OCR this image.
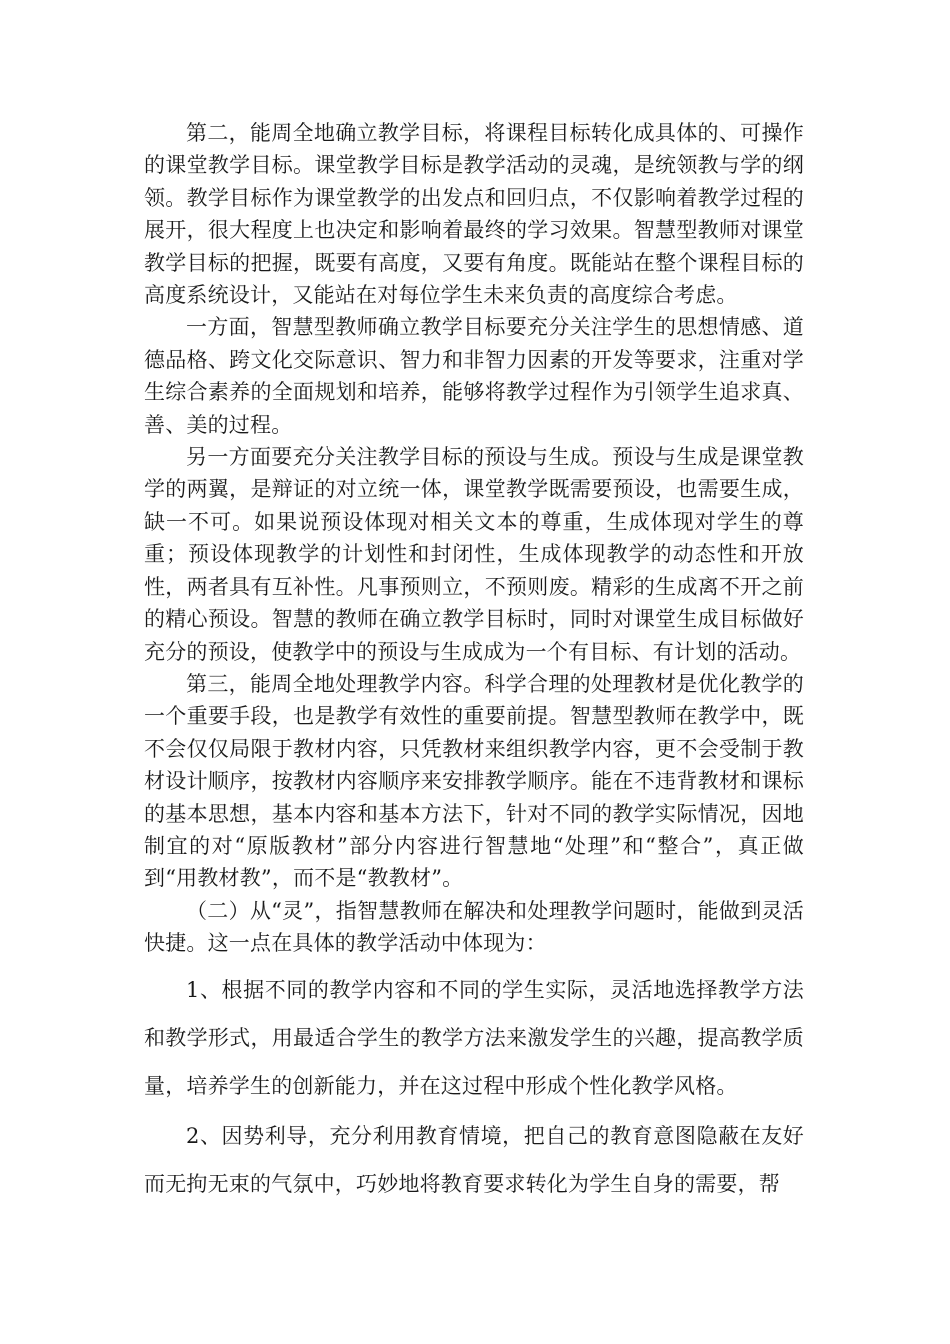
第二，能周全地确立教学目标，将课程目标转化成具体的、可操作的课堂教学目标。课堂教学目标是教学活动的灵魂，是统领教与学的纲领。教学目标作为课堂教学的出发点和回归点，不仅影响着教学过程的展开，很大程度上也决定和影响着最终的学习效果。智慧型教师对课堂教学目标的把握，既要有高度，又要有角度。既能站在整个课程目标的高度系统设计，又能站在对每位学生未来负责的高度综合考虑。

一方面，智慧型教师确立教学目标要充分关注学生的思想情感、道德品格、跨文化交际意识、智力和非智力因素的开发等要求，注重对学生综合素养的全面规划和培养，能够将教学过程作为引领学生追求真、善、美的过程。

另一方面要充分关注教学目标的预设与生成。预设与生成是课堂教学的两翼，是辩证的对立统一体，课堂教学既需要预设，也需要生成，缺一不可。如果说预设体现对相关文本的尊重，生成体现对学生的尊重；预设体现教学的计划性和封闭性，生成体现教学的动态性和开放性，两者具有互补性。凡事预则立，不预则废。精彩的生成离不开之前的精心预设。智慧的教师在确立教学目标时，同时对课堂生成目标做好充分的预设，使教学中的预设与生成成为一个有目标、有计划的活动。

第三，能周全地处理教学内容。科学合理的处理教材是优化教学的一个重要手段，也是教学有效性的重要前提。智慧型教师在教学中，既不会仅仅局限于教材内容，只凭教材来组织教学内容，更不会受制于教材设计顺序，按教材内容顺序来安排教学顺序。能在不违背教材和课标的基本思想，基本内容和基本方法下，针对不同的教学实际情况，因地制宜的对“原版教材”部分内容进行智慧地“处理”和“整合”，真正做到“用教材教”，而不是“教教材”。

（二）从“灵”，指智慧教师在解决和处理教学问题时，能做到灵活快捷。这一点在具体的教学活动中体现为：

1、根据不同的教学内容和不同的学生实际，灵活地选择教学方法和教学形式，用最适合学生的教学方法来激发学生的兴趣，提高教学质量，培养学生的创新能力，并在这过程中形成个性化教学风格。

2、因势利导，充分利用教育情境，把自己的教育意图隐蔽在友好而无拘无束的气氛中，巧妙地将教育要求转化为学生自身的需要，帮
